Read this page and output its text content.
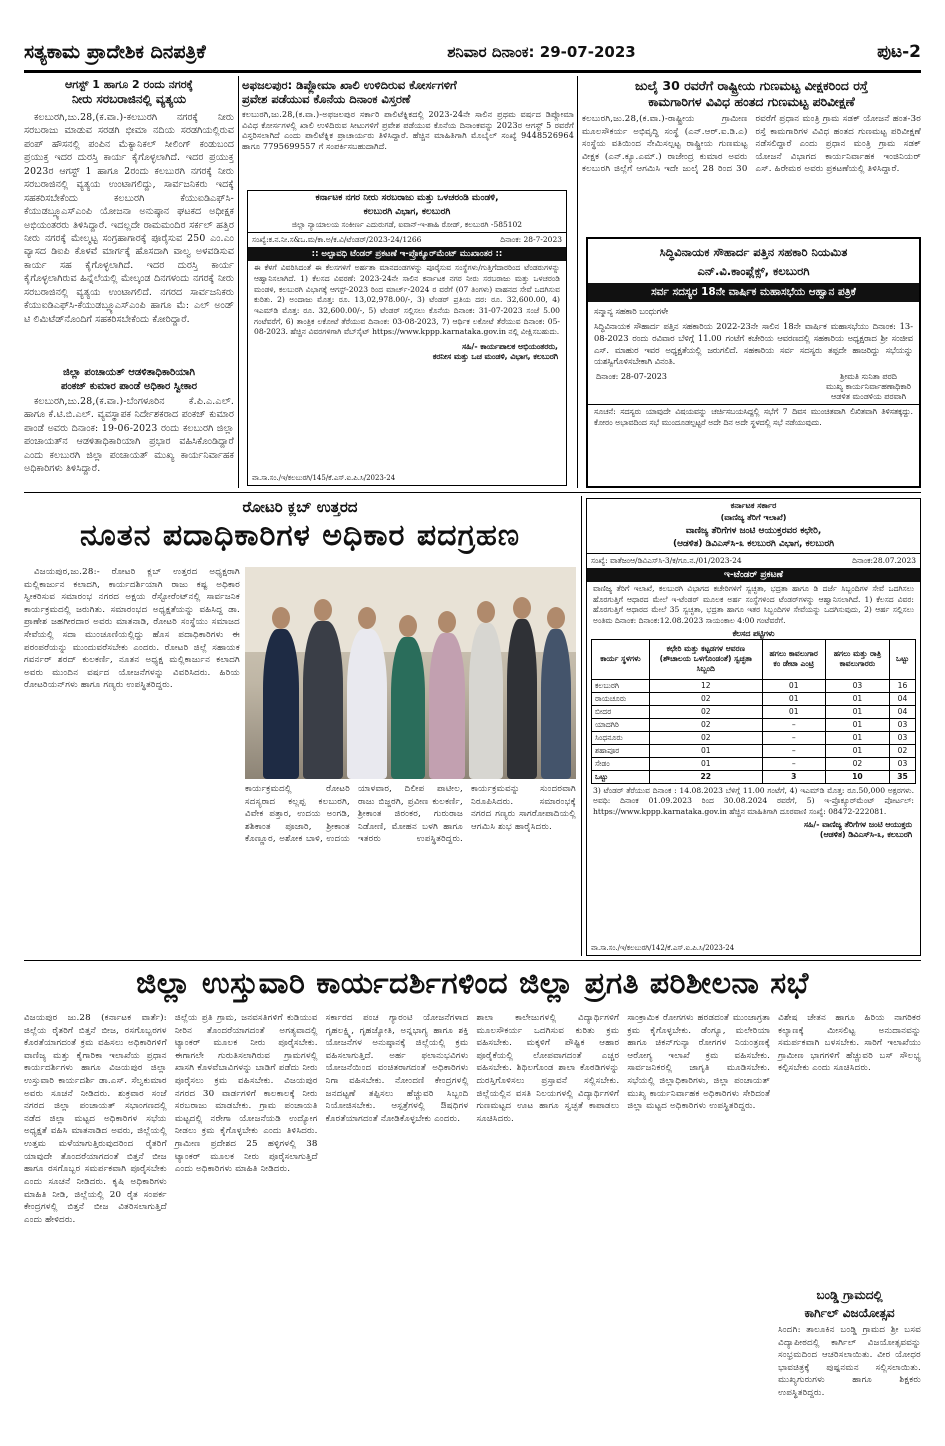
ಸತ್ಯಕಾಮ ಪ್ರಾದೇಶಿಕ ದಿನಪತ್ರಿಕೆ	ಶನಿವಾರ ದಿನಾಂಕ: 29-07-2023	ಪುಟ-2
ಆಗಸ್ಟ್ 1 ಹಾಗೂ 2 ರಂದು ನಗರಕ್ಕೆ
ನೀರು ಸರಬರಾಜಿನಲ್ಲಿ ವ್ಯತ್ಯಯ

ಕಲಬುರಗಿ,ಜು.28,(ಕ.ವಾ.)-ಕಲಬುರಗಿ ನಗರಕ್ಕೆ ನೀರು ಸರಬರಾಜು ಮಾಡುವ ಸರಡಗಿ ಭೀಮಾ ನದಿಯ ಸರಡಗಿಯಲ್ಲಿರುವ ಪಂಪ್ ಹೌಸನಲ್ಲಿ ಪಂಪಿನ ಮೆಕ್ಯಾನಿಕಲ್ ಸೀಲಿಂಗ್ ಕಂಡುಬಂದ ಪ್ರಯುಕ್ತ ಇದರ ದುರಸ್ತಿ ಕಾರ್ಯ ಕೈಗೊಳ್ಳಲಾಗಿದೆ. ಇದರ ಪ್ರಯುಕ್ತ 2023ರ ಆಗಸ್ಟ್ 1 ಹಾಗೂ 2ರಂದು ಕಲಬುರಗಿ ನಗರಕ್ಕೆ ನೀರು ಸರಬರಾಜಿನಲ್ಲಿ ವ್ಯತ್ಯಯ ಉಂಟಾಗಲಿದ್ದು, ಸಾರ್ವಜನಿಕರು ಇದಕ್ಕೆ ಸಹಕರಿಸಬೇಕೆಂದು ಕಲಬುರಗಿ ಕೆಯುಐಡಿಎಫ್‌ಸಿ-ಕೆಯುಡಬ್ಲ್ಯೂಎಸ್‌ಎಂಪಿ ಯೋಜನಾ ಅನುಷ್ಠಾನ ಘಟಕದ ಅಧೀಕ್ಷಕ ಅಭಿಯಂತರರು ತಿಳಿಸಿದ್ದಾರೆ. ಇದಲ್ಲದೇ ರಾಮಮಂದಿರ ಸರ್ಕಲ್ ಹತ್ತಿರ ನೀರು ನಗರಕ್ಕೆ ಮೇಲ್ಮಟ್ಟ ಸಂಗ್ರಹಾಗಾರಕ್ಕೆ ಪೂರೈಸುವ 250 ಎಂ.ಎಂ ವ್ಯಾಸದ ಡಿಐಪಿ ಕೊಳವೆ ಮಾರ್ಗಕ್ಕೆ ಹೊಸದಾಗಿ ವಾಲ್ವ ಅಳವಡಿಸುವ ಕಾರ್ಯ ಸಹ ಕೈಗೊಳ್ಳಲಾಗಿದೆ. ಇದರ ದುರಸ್ತಿ ಕಾರ್ಯ ಕೈಗೊಳ್ಳಲಾಗಿರುವ ಹಿನ್ನೆಲೆಯಲ್ಲಿ ಮೇಲ್ಕಂಡ ದಿನಗಳಂದು ನಗರಕ್ಕೆ ನೀರು ಸರಬರಾಜಿನಲ್ಲಿ ವ್ಯತ್ಯಯ ಉಂಟಾಗಲಿದೆ. ನಗರದ ಸಾರ್ವಜನಿಕರು ಕೆಯುಐಡಿಎಫ್‌ಸಿ-ಕೆಯುಡಬ್ಲ್ಯೂಎಸ್‌ಎಂಪಿ ಹಾಗೂ ಮೆ: ಎಲ್ ಅಂಡ್ ಟಿ ಲಿಮಿಟೆಡ್‌ನೊಂದಿಗೆ ಸಹಕರಿಸಬೇಕೆಂದು ಕೋರಿದ್ದಾರೆ.

ಜಿಲ್ಲಾ ಪಂಚಾಯತ್ ಆಡಳಿತಾಧಿಕಾರಿಯಾಗಿ
ಪಂಕಜ್ ಕುಮಾರ ಪಾಂಡೆ ಅಧಿಕಾರ ಸ್ವೀಕಾರ

ಕಲಬುರಗಿ,ಜು.28,(ಕ.ವಾ.)-ಬೆಂಗಳೂರಿನ ಕೆ.ಪಿ.ಎ.ಎಲ್. ಹಾಗೂ ಕೆ.ಟಿ.ಬಿ.ಎಲ್. ವ್ಯವಸ್ಥಾಪಕ ನಿರ್ದೇಶಕರಾದ ಪಂಕಜ್ ಕುಮಾರ ಪಾಂಡೆ ಅವರು ದಿನಾಂಕ: 19-06-2023 ರಂದು ಕಲಬುರಗಿ ಜಿಲ್ಲಾ ಪಂಚಾಯತ್‌ನ ಆಡಳಿತಾಧಿಕಾರಿಯಾಗಿ ಪ್ರಭಾರ ವಹಿಸಿಕೊಂಡಿದ್ದಾರೆ ಎಂದು ಕಲಬುರಗಿ ಜಿಲ್ಲಾ ಪಂಚಾಯತ್ ಮುಖ್ಯ ಕಾರ್ಯನಿರ್ವಾಹಕ ಅಧಿಕಾರಿಗಳು ತಿಳಿಸಿದ್ದಾರೆ.

ಅಫಜಲಪುರ: ಡಿಪ್ಲೋಮಾ ಖಾಲಿ ಉಳಿದಿರುವ ಕೋರ್ಸಗಳಿಗೆ
ಪ್ರವೇಶ ಪಡೆಯುವ ಕೊನೆಯ ದಿನಾಂಕ ವಿಸ್ತರಣೆ
ಕಲಬುರಗಿ,ಜು.28,(ಕ.ವಾ.)-ಅಫಜಲಪುರ ಸರ್ಕಾರಿ ಪಾಲಿಟೆಕ್ನಿಕದಲ್ಲಿ 2023-24ನೇ ಸಾಲಿನ ಪ್ರಥಮ ವರ್ಷದ ಡಿಪ್ಲೋಮಾ ವಿವಿಧ ಕೋರ್ಸಗಳಲ್ಲಿ ಖಾಲಿ ಉಳಿದಿರುವ ಸೀಟುಗಳಿಗೆ ಪ್ರವೇಶ ಪಡೆಯುವ ಕೊನೆಯ ದಿನಾಂಕವನ್ನು 2023ರ ಆಗಸ್ಟ್ 5 ರವರೆಗೆ ವಿಸ್ತರಿಸಲಾಗಿದೆ ಎಂದು ಪಾಲಿಟೆಕ್ನಿಕ ಪ್ರಾಚಾರ್ಯರು ತಿಳಿಸಿದ್ದಾರೆ. ಹೆಚ್ಚಿನ ಮಾಹಿತಿಗಾಗಿ ಮೊಬೈಲ್ ಸಂಖ್ಯೆ 9448526964 ಹಾಗೂ 7795699557 ಗೆ ಸಂಪರ್ಕಿಸಬಹುದಾಗಿದೆ.
ಕರ್ನಾಟಕ ನಗರ ನೀರು ಸರಬರಾಜು ಮತ್ತು ಒಳಚರಂಡಿ ಮಂಡಳಿ,
ಕಲಬುರಗಿ ವಿಭಾಗ, ಕಲಬುರಗಿ
ಜಿಲ್ಲಾ ನ್ಯಾಯಾಲಯ ಸಂಕೀರ್ಣ ಎದುರುಗಡೆ, ಐವಾನ್-ಇ-ಶಾಹಿ ರೋಡ್, ಕಲಬುರಗಿ -585102
ಸಂಖ್ಯೆ:ಕ.ನ.ನೀ.ಸ&ಒ.ಮ/ಕಾ.ಅ/ಕ.ವಿ/ಟೆಂಡರ್/2023-24/1266	ದಿನಾಂಕ: 28-7-2023
:: ಅಲ್ಪಾವಧಿ ಟೆಂಡರ್ ಪ್ರಕಟಣೆ ಇ-ಪ್ರೊಕ್ಯೂರ್‌ಮೆಂಟ್ ಮುಖಾಂತರ ::
ಈ ಕೆಳಗೆ ವಿವರಿಸಿದಂತೆ ಈ ಕೆಲಸಗಳಿಗೆ ಅರ್ಹತಾ ಮಾನದಂಡಗಳನ್ನು ಪೂರೈಸುವ ಸಂಸ್ಥೆಗಳು/ಗುತ್ತಿಗೆದಾರರಿಂದ ಟೆಂಡರುಗಳನ್ನು ಆಹ್ವಾನಿಸಲಾಗಿದೆ. 1) ಕೆಲಸದ ವಿವರಣೆ: 2023-24ನೇ ಸಾಲಿನ ಕರ್ನಾಟಕ ನಗರ ನೀರು ಸರಬರಾಜು ಮತ್ತು ಒಳಚರಂಡಿ ಮಂಡಳಿ, ಕಲಬುರಗಿ ವಿಭಾಗಕ್ಕೆ ಆಗಸ್ಟ್-2023 ರಿಂದ ಮಾರ್ಚ್-2024 ರ ವರೆಗೆ (07 ತಿಂಗಳು) ವಾಹನದ ಸೇವೆ ಒದಗಿಸುವ ಕುರಿತು. 2) ಅಂದಾಜು ಮೊತ್ತ: ರೂ. 13,02,978.00/-, 3) ಟೆಂಡರ್ ಪ್ರತಿಯ ದರ: ರೂ. 32,600.00, 4) ಇಎಮ್‌ಡಿ ಮೊತ್ತ: ರೂ. 32,600.00/-, 5) ಟೆಂಡರ್ ಸಲ್ಲಿಸಲು ಕೊನೆಯ ದಿನಾಂಕ: 31-07-2023 ಸಂಜೆ 5.00 ಗಂಟೆವರೆಗೆ, 6) ತಾಂತ್ರಿಕ ಲಕೋಟೆ ತೆರೆಯುವ ದಿನಾಂಕ: 03-08-2023, 7) ಆರ್ಥಿಕ ಲಕೋಟೆ ತೆರೆಯುವ ದಿನಾಂಕ: 05-08-2023. ಹೆಚ್ಚಿನ ವಿವರಗಳಿಗಾಗಿ ವೆಬ್‌ಸೈಟ್ https://www.kppp.karnataka.gov.in ನಲ್ಲಿ ವೀಕ್ಷಿಸಬಹುದು.
ಸಹಿ/- ಕಾರ್ಯಪಾಲಕ ಅಭಿಯಂತರರು,
ಕರನೀಸ ಮತ್ತು ಒಚ ಮಂಡಳಿ, ವಿಭಾಗ, ಕಲಬುರಗಿ
ವಾ.ಸಾ.ಸಂ./ಇ/ಕಲಬುರಗಿ/145/ಕೆ.ಎಸ್.ಐ.ಪಿ.ಸಿ/2023-24
ಜುಲೈ 30 ರವರೆಗೆ ರಾಷ್ಟ್ರೀಯ ಗುಣಮಟ್ಟ ವೀಕ್ಷಕರಿಂದ ರಸ್ತೆ
ಕಾಮಗಾರಿಗಳ ವಿವಿಧ ಹಂತದ ಗುಣಮಟ್ಟ ಪರಿವೀಕ್ಷಣೆ
ಕಲಬುರಗಿ,ಜು.28,(ಕ.ವಾ.)-ರಾಷ್ಟ್ರೀಯ ಗ್ರಾಮೀಣ ಮೂಲಸೌಕರ್ಯ ಅಭಿವೃದ್ಧಿ ಸಂಸ್ಥೆ (ಎನ್.ಆರ್.ಐ.ಡಿ.ಎ) ಸಂಸ್ಥೆಯ ವತಿಯಿಂದ ನೇಮಿಸಲ್ಪಟ್ಟ ರಾಷ್ಟ್ರೀಯ ಗುಣಮಟ್ಟ ವೀಕ್ಷಕ (ಎನ್.ಕ್ಯೂ.ಎಮ್.) ರಾಜೇಂದ್ರ ಕುಮಾರ ಅವರು ಕಲಬುರಗಿ ಜಿಲ್ಲೆಗೆ ಆಗಮಿಸಿ ಇದೇ ಜುಲೈ 28 ರಿಂದ 30 ರವರೆಗೆ ಪ್ರಧಾನ ಮಂತ್ರಿ ಗ್ರಾಮ ಸಡಕ್ ಯೋಜನೆ ಹಂತ-3ರ ರಸ್ತೆ ಕಾಮಗಾರಿಗಳ ವಿವಿಧ ಹಂತದ ಗುಣಮಟ್ಟ ಪರಿವೀಕ್ಷಣೆ ನಡೆಸಲಿದ್ದಾರೆ ಎಂದು ಪ್ರಧಾನ ಮಂತ್ರಿ ಗ್ರಾಮ ಸಡಕ್ ಯೋಜನೆ ವಿಭಾಗದ ಕಾರ್ಯನಿರ್ವಾಹಕ ಇಂಜಿನಿಯರ್ ಎಸ್. ಹಿರೇಮಠ ಅವರು ಪ್ರಕಟಣೆಯಲ್ಲಿ ತಿಳಿಸಿದ್ದಾರೆ.
ಸಿದ್ಧಿವಿನಾಯಕ ಸೌಹಾರ್ದ ಪತ್ತಿನ ಸಹಕಾರಿ ನಿಯಮಿತ
ಎನ್.ವಿ.ಕಾಂಪ್ಲೆಕ್ಸ್, ಕಲಬುರಗಿ
ಸರ್ವ ಸದಸ್ಯರ 18ನೇ ವಾರ್ಷಿಕ ಮಹಾಸಭೆಯ ಆಹ್ವಾನ ಪತ್ರಿಕೆ
ಸನ್ಮಾನ್ಯ ಸಹಕಾರಿ ಬಂಧುಗಳೇ
ಸಿದ್ಧಿವಿನಾಯಕ ಸೌಹಾರ್ದ ಪತ್ತಿನ ಸಹಕಾರಿಯ 2022-23ನೇ ಸಾಲಿನ 18ನೇ ವಾರ್ಷಿಕ ಮಹಾಸಭೆಯು ದಿನಾಂಕ: 13-08-2023 ರಂದು ರವಿವಾರ ಬೆಳಿಗ್ಗೆ 11.00 ಗಂಟೆಗೆ ಕಚೇರಿಯ ಆವರಣದಲ್ಲಿ ಸಹಕಾರಿಯ ಅಧ್ಯಕ್ಷರಾದ ಶ್ರೀ ಸಂಜೀವ ಎಸ್. ಮಾಹುರ ಇವರ ಅಧ್ಯಕ್ಷತೆಯಲ್ಲಿ ಜರುಗಲಿದೆ. ಸಹಕಾರಿಯ ಸರ್ವ ಸದಸ್ಯರು ತಪ್ಪದೇ ಹಾಜರಿದ್ದು ಸಭೆಯನ್ನು ಯಶಸ್ವಿಗೊಳಿಸಬೇಕಾಗಿ ವಿನಂತಿ.
ದಿನಾಂಕ: 28-07-2023	ಶ್ರೀಮತಿ ಸುನಿತಾ ಪರದಿ
ಮುಖ್ಯ ಕಾರ್ಯನಿರ್ವಾಹಣಾಧಿಕಾರಿ
ಆಡಳಿತ ಮಂಡಳಿಯ ಪರವಾಗಿ
ಸೂಚನೆ: ಸದಸ್ಯರು ಯಾವುದೇ ವಿಷಯವನ್ನು ಚರ್ಚಿಸಬಯಸಿದ್ದಲ್ಲಿ ಸಭೆಗೆ 7 ದಿವಸ ಮುಂಚಿತವಾಗಿ ಲಿಖಿತವಾಗಿ ತಿಳಿಸತಕ್ಕದ್ದು. ಕೋರಂ ಅಭಾವದಿಂದ ಸಭೆ ಮುಂದೂಡಲ್ಪಟ್ಟರೆ ಅದೇ ದಿನ ಅದೇ ಸ್ಥಳದಲ್ಲಿ ಸಭೆ ನಡೆಯುವುದು.
ರೋಟರಿ ಕ್ಲಬ್ ಉತ್ತರದ
ನೂತನ ಪದಾಧಿಕಾರಿಗಳ ಅಧಿಕಾರ ಪದಗ್ರಹಣ

ವಿಜಯಪುರ,ಜು.28:- ರೋಟರಿ ಕ್ಲಬ್ ಉತ್ತರದ ಅಧ್ಯಕ್ಷರಾಗಿ ಮಲ್ಲಿಕಾರ್ಜುನ ಕಲಾದಗಿ, ಕಾರ್ಯದರ್ಶಿಯಾಗಿ ರಾಜು ಕಷ್ಟ ಅಧಿಕಾರ ಸ್ವೀಕರಿಸುವ ಸಮಾರಂಭ ನಗರದ ಅಕ್ಷಯ ರೆಸ್ಟೋರೆಂಟ್‌ನಲ್ಲಿ ಸಾರ್ವಜನಿಕ ಕಾರ್ಯಕ್ರಮದಲ್ಲಿ ಜರುಗಿತು. ಸಮಾರಂಭದ ಅಧ್ಯಕ್ಷತೆಯನ್ನು ವಹಿಸಿದ್ದ ಡಾ. ಪ್ರಾಣೇಶ ಜಹಗೀರದಾರ ಅವರು ಮಾತನಾಡಿ, ರೋಟರಿ ಸಂಸ್ಥೆಯು ಸಮಾಜದ ಸೇವೆಯಲ್ಲಿ ಸದಾ ಮುಂಚೂಣಿಯಲ್ಲಿದ್ದು ಹೊಸ ಪದಾಧಿಕಾರಿಗಳು ಈ ಪರಂಪರೆಯನ್ನು ಮುಂದುವರೆಸಬೇಕು ಎಂದರು. ರೋಟರಿ ಜಿಲ್ಲೆ ಸಹಾಯಕ ಗವರ್ನರ್ ಶರದ್ ಕುಲಕರ್ಣಿ, ನೂತನ ಅಧ್ಯಕ್ಷ ಮಲ್ಲಿಕಾರ್ಜುನ ಕಲಾದಗಿ ಅವರು ಮುಂದಿನ ವರ್ಷದ ಯೋಜನೆಗಳನ್ನು ವಿವರಿಸಿದರು. ಹಿರಿಯ ರೋಟರಿಯನ್‌ಗಳು ಹಾಗೂ ಗಣ್ಯರು ಉಪಸ್ಥಿತರಿದ್ದರು.

ಕಾರ್ಯಕ್ರಮದಲ್ಲಿ ರೋಟರಿ ಸದಸ್ಯರಾದ ಕಲ್ಲಪ್ಪ ಕಲಬುರಗಿ, ವಿವೇಕ ಪತ್ತಾರ, ಉದಯ ಅಂಗಡಿ, ಶಶಿಕಾಂತ ಪೂಜಾರಿ, ಶ್ರೀಕಾಂತ ಕೊಣ್ಣೂರ, ಅಶೋಕ ಬಾಳಿ, ಉದಯ ಯಾಳವಾರ, ದಿಲೀಪ ಪಾಟೀಲ, ರಾಜು ಬಿಜ್ಜರಗಿ, ಪ್ರವೀಣ ಕುಲಕರ್ಣಿ, ಶ್ರೀಕಾಂತ ಜಿರಂಕರ, ಗುರುರಾಜ ನಿಡೋಣಿ, ಮೋಹನ ಬಳಗಿ ಹಾಗೂ ಇತರರು ಉಪಸ್ಥಿತರಿದ್ದರು. ಕಾರ್ಯಕ್ರಮವನ್ನು ಸುಂದರವಾಗಿ ನಿರೂಪಿಸಿದರು. ಸಮಾರಂಭಕ್ಕೆ ನಗರದ ಗಣ್ಯರು ಸಾಗರೋಪಾದಿಯಲ್ಲಿ ಆಗಮಿಸಿ ಶುಭ ಹಾರೈಸಿದರು.
ಕರ್ನಾಟಕ ಸರ್ಕಾರ
(ವಾಣಿಜ್ಯ ತೆರಿಗೆ ಇಲಾಖೆ)
ವಾಣಿಜ್ಯ ತೆರಿಗೆಗಳ ಜಂಟಿ ಆಯುಕ್ತರವರ ಕಛೇರಿ,
(ಆಡಳಿತ) ಡಿವಿಎಸ್‌ಸಿ-೩ ಕಲಬುರಗಿ ವಿಭಾಗ, ಕಲಬುರಗಿ
ಸಂಖ್ಯೆ: ವಾತೆಜಂಆ/ಡಿವಿಎಸ್‌ಸಿ-3/ಕ/ಗೂ.ನ./01/2023-24	ದಿನಾಂಕ:28.07.2023
ಇ-ಟೆಂಡರ್ ಪ್ರಕಟಣೆ
ವಾಣಿಜ್ಯ ತೆರಿಗೆ ಇಲಾಖೆ, ಕಲಬುರಗಿ ವಿಭಾಗದ ಕಚೇರಿಗಳಿಗೆ ಸ್ವಚ್ಛತಾ, ಭದ್ರತಾ ಹಾಗೂ ಡಿ ದರ್ಜೆ ಸಿಬ್ಬಂದಿಗಳ ಸೇವೆ ಒದಗಿಸಲು ಹೊರಗುತ್ತಿಗೆ ಆಧಾರದ ಮೇಲೆ ಇ-ಟೆಂಡರ್ ಮೂಲಕ ಅರ್ಹ ಸಂಸ್ಥೆಗಳಿಂದ ಟೆಂಡರ್‌ಗಳನ್ನು ಆಹ್ವಾನಿಸಲಾಗಿದೆ. 1) ಕೆಲಸದ ವಿವರ: ಹೊರಗುತ್ತಿಗೆ ಆಧಾರದ ಮೇಲೆ 35 ಸ್ವಚ್ಛತಾ, ಭದ್ರತಾ ಹಾಗೂ ಇತರ ಸಿಬ್ಬಂದಿಗಳ ಸೇವೆಯನ್ನು ಒದಗಿಸುವುದು, 2) ಆರ್ಹ ಸಲ್ಲಿಸಲು ಅಂತಿಮ ದಿನಾಂಕ: ದಿನಾಂಕ:12.08.2023 ಸಾಯಂಕಾಲ 4:00 ಗಂಟೆವರೆಗೆ.
ಕೆಲಸದ ಪಟ್ಟಿಗಳು
ಕಾರ್ಯ ಸ್ಥಳಗಳು	ಕಛೇರಿ ಮತ್ತು ಕಟ್ಟಡಗಳ ಆವರಣ (ಶೌಚಾಲಯ ಒಳಗೊಂಡಂತೆ) ಸ್ವಚ್ಛತಾ ಸಿಬ್ಬಂದಿ	ಹಗಲು ಕಾವಲುಗಾರ ಕಂ ಡೇಟಾ ಎಂಟ್ರಿ	ಹಗಲು ಮತ್ತು ರಾತ್ರಿ ಕಾವಲುಗಾರರು	ಒಟ್ಟು
ಕಲಬುರಗಿ	12	01	03	16
ರಾಯಚೂರು	02	01	01	04
ಬೀದರ	02	01	01	04
ಯಾದಗಿರಿ	02	–	01	03
ಸಿಂಧನೂರು	02	–	01	03
ಶಹಾಪೂರ	01	–	01	02
ಸೇಡಂ	01	–	02	03
ಒಟ್ಟು	22	3	10	35
3) ಟೆಂಡರ್ ತೆರೆಯುವ ದಿನಾಂಕ : 14.08.2023 ಬೆಳಿಗ್ಗೆ 11.00 ಗಂಟೆಗೆ, 4) ಇಎಮ್‌ಡಿ ಮೊತ್ತ: ರೂ.50,000 ಅಕ್ಷರಗಳು. ಅವಧಿ: ದಿನಾಂಕ 01.09.2023 ರಿಂದ 30.08.2024 ರವರೆಗೆ, 5) ಇ-ಪ್ರೊಕ್ಯೂರ್‌ಮೆಂಟ್ ಪೋರ್ಟಲ್: https://www.kppp.karnataka.gov.in ಹೆಚ್ಚಿನ ಮಾಹಿತಿಗಾಗಿ ದೂರವಾಣಿ ಸಂಖ್ಯೆ: 08472-222081.
ಸಹಿ/- ವಾಣಿಜ್ಯ ತೆರಿಗೆಗಳ ಜಂಟಿ ಆಯುಕ್ತರು
(ಆಡಳಿತ) ಡಿವಿಎಸ್‌ಸಿ-೩, ಕಲಬುರಗಿ
ವಾ.ಸಾ.ಸಂ./ಇ/ಕಲಬುರಗಿ/142/ಕೆ.ಎಸ್.ಐ.ಪಿ.ಸಿ/2023-24
ಜಿಲ್ಲಾ ಉಸ್ತುವಾರಿ ಕಾರ್ಯದರ್ಶಿಗಳಿಂದ ಜಿಲ್ಲಾ ಪ್ರಗತಿ ಪರಿಶೀಲನಾ ಸಭೆ
ವಿಜಯಪುರ ಜು.28 (ಕರ್ನಾಟಕ ವಾರ್ತೆ): ಜಿಲ್ಲೆಯ ರೈತರಿಗೆ ಬಿತ್ತನೆ ಬೀಜ, ರಸಗೊಬ್ಬರಗಳ ಕೊರತೆಯಾಗದಂತೆ ಕ್ರಮ ವಹಿಸಲು ಅಧಿಕಾರಿಗಳಿಗೆ ವಾಣಿಜ್ಯ ಮತ್ತು ಕೈಗಾರಿಕಾ ಇಲಾಖೆಯ ಪ್ರಧಾನ ಕಾರ್ಯದರ್ಶಿಗಳು ಹಾಗೂ ವಿಜಯಪುರ ಜಿಲ್ಲಾ ಉಸ್ತುವಾರಿ ಕಾರ್ಯದರ್ಶಿ ಡಾ.ಎಸ್. ಸೆಲ್ವಕುಮಾರ ಅವರು ಸೂಚನೆ ನೀಡಿದರು. ಶುಕ್ರವಾರ ಸಂಜೆ ನಗರದ ಜಿಲ್ಲಾ ಪಂಚಾಯತ್ ಸಭಾಂಗಣದಲ್ಲಿ ನಡೆದ ಜಿಲ್ಲಾ ಮಟ್ಟದ ಅಧಿಕಾರಿಗಳ ಸಭೆಯ ಅಧ್ಯಕ್ಷತೆ ವಹಿಸಿ ಮಾತನಾಡಿದ ಅವರು, ಜಿಲ್ಲೆಯಲ್ಲಿ ಉತ್ತಮ ಮಳೆಯಾಗುತ್ತಿರುವುದರಿಂದ ರೈತರಿಗೆ ಯಾವುದೇ ತೊಂದರೆಯಾಗದಂತೆ ಬಿತ್ತನೆ ಬೀಜ ಹಾಗೂ ರಸಗೊಬ್ಬರ ಸಮರ್ಪಕವಾಗಿ ಪೂರೈಸಬೇಕು ಎಂದು ಸೂಚನೆ ನೀಡಿದರು. ಕೃಷಿ ಅಧಿಕಾರಿಗಳು ಮಾಹಿತಿ ನೀಡಿ, ಜಿಲ್ಲೆಯಲ್ಲಿ 20 ರೈತ ಸಂಪರ್ಕ ಕೇಂದ್ರಗಳಲ್ಲಿ ಬಿತ್ತನೆ ಬೀಜ ವಿತರಿಸಲಾಗುತ್ತಿದೆ ಎಂದು ಹೇಳಿದರು.
ಜಿಲ್ಲೆಯ ಪ್ರತಿ ಗ್ರಾಮ, ಜನವಸತಿಗಳಿಗೆ ಕುಡಿಯುವ ನೀರಿನ ತೊಂದರೆಯಾಗದಂತೆ ಅಗತ್ಯವಾದಲ್ಲಿ ಟ್ಯಾಂಕರ್ ಮೂಲಕ ನೀರು ಪೂರೈಸಬೇಕು. ಈಗಾಗಲೇ ಗುರುತಿಸಲಾಗಿರುವ ಗ್ರಾಮಗಳಲ್ಲಿ ಖಾಸಗಿ ಕೊಳವೆಬಾವಿಗಳನ್ನು ಬಾಡಿಗೆ ಪಡೆದು ನೀರು ಪೂರೈಸಲು ಕ್ರಮ ವಹಿಸಬೇಕು. ವಿಜಯಪುರ ನಗರದ 30 ವಾರ್ಡಗಳಿಗೆ ಕಾಲಕಾಲಕ್ಕೆ ನೀರು ಸರಬರಾಜು ಮಾಡಬೇಕು. ಗ್ರಾಮ ಪಂಚಾಯತಿ ಮಟ್ಟದಲ್ಲಿ ನರೇಗಾ ಯೋಜನೆಯಡಿ ಉದ್ಯೋಗ ನೀಡಲು ಕ್ರಮ ಕೈಗೊಳ್ಳಬೇಕು ಎಂದು ತಿಳಿಸಿದರು. ಗ್ರಾಮೀಣ ಪ್ರದೇಶದ 25 ಹಳ್ಳಿಗಳಲ್ಲಿ 38 ಟ್ಯಾಂಕರ್ ಮೂಲಕ ನೀರು ಪೂರೈಸಲಾಗುತ್ತಿದೆ ಎಂದು ಅಧಿಕಾರಿಗಳು ಮಾಹಿತಿ ನೀಡಿದರು.
ಸರ್ಕಾರದ ಪಂಚ ಗ್ಯಾರಂಟಿ ಯೋಜನೆಗಳಾದ ಗೃಹಲಕ್ಷ್ಮಿ, ಗೃಹಜ್ಯೋತಿ, ಅನ್ನಭಾಗ್ಯ ಹಾಗೂ ಶಕ್ತಿ ಯೋಜನೆಗಳ ಅನುಷ್ಠಾನಕ್ಕೆ ಜಿಲ್ಲೆಯಲ್ಲಿ ಕ್ರಮ ವಹಿಸಲಾಗುತ್ತಿದೆ. ಅರ್ಹ ಫಲಾನುಭವಿಗಳು ಯೋಜನೆಯಿಂದ ವಂಚಿತರಾಗದಂತೆ ಅಧಿಕಾರಿಗಳು ನಿಗಾ ವಹಿಸಬೇಕು. ನೋಂದಣಿ ಕೇಂದ್ರಗಳಲ್ಲಿ ಜನದಟ್ಟಣೆ ತಪ್ಪಿಸಲು ಹೆಚ್ಚುವರಿ ಸಿಬ್ಬಂದಿ ನಿಯೋಜಿಸಬೇಕು. ಆಸ್ಪತ್ರೆಗಳಲ್ಲಿ ಔಷಧಿಗಳ ಕೊರತೆಯಾಗದಂತೆ ನೋಡಿಕೊಳ್ಳಬೇಕು ಎಂದರು.
ಶಾಲಾ ಕಾಲೇಜುಗಳಲ್ಲಿ ವಿದ್ಯಾರ್ಥಿಗಳಿಗೆ ಮೂಲಸೌಕರ್ಯ ಒದಗಿಸುವ ಕುರಿತು ಕ್ರಮ ವಹಿಸಬೇಕು. ಮಕ್ಕಳಿಗೆ ಪೌಷ್ಟಿಕ ಆಹಾರ ಪೂರೈಕೆಯಲ್ಲಿ ಲೋಪವಾಗದಂತೆ ಎಚ್ಚರ ವಹಿಸಬೇಕು. ಶಿಥಿಲಗೊಂಡ ಶಾಲಾ ಕೊಠಡಿಗಳನ್ನು ದುರಸ್ತಿಗೊಳಿಸಲು ಪ್ರಸ್ತಾವನೆ ಸಲ್ಲಿಸಬೇಕು. ಜಿಲ್ಲೆಯಲ್ಲಿನ ವಸತಿ ನಿಲಯಗಳಲ್ಲಿ ವಿದ್ಯಾರ್ಥಿಗಳಿಗೆ ಗುಣಮಟ್ಟದ ಊಟ ಹಾಗೂ ಸ್ವಚ್ಛತೆ ಕಾಪಾಡಲು ಸೂಚಿಸಿದರು.
ಸಾಂಕ್ರಾಮಿಕ ರೋಗಗಳು ಹರಡದಂತೆ ಮುಂಜಾಗ್ರತಾ ಕ್ರಮ ಕೈಗೊಳ್ಳಬೇಕು. ಡೆಂಗ್ಯೂ, ಮಲೇರಿಯಾ ಹಾಗೂ ಚಿಕನ್‌ಗುನ್ಯಾ ರೋಗಗಳ ನಿಯಂತ್ರಣಕ್ಕೆ ಆರೋಗ್ಯ ಇಲಾಖೆ ಕ್ರಮ ವಹಿಸಬೇಕು. ಸಾರ್ವಜನಿಕರಲ್ಲಿ ಜಾಗೃತಿ ಮೂಡಿಸಬೇಕು. ಸಭೆಯಲ್ಲಿ ಜಿಲ್ಲಾಧಿಕಾರಿಗಳು, ಜಿಲ್ಲಾ ಪಂಚಾಯತ್ ಮುಖ್ಯ ಕಾರ್ಯನಿರ್ವಾಹಕ ಅಧಿಕಾರಿಗಳು ಸೇರಿದಂತೆ ಜಿಲ್ಲಾ ಮಟ್ಟದ ಅಧಿಕಾರಿಗಳು ಉಪಸ್ಥಿತರಿದ್ದರು.
ವಿಶೇಷ ಚೇತನ ಹಾಗೂ ಹಿರಿಯ ನಾಗರಿಕರ ಕಲ್ಯಾಣಕ್ಕೆ ಮೀಸಲಿಟ್ಟ ಅನುದಾನವನ್ನು ಸಮರ್ಪಕವಾಗಿ ಬಳಸಬೇಕು. ಸಾರಿಗೆ ಇಲಾಖೆಯು ಗ್ರಾಮೀಣ ಭಾಗಗಳಿಗೆ ಹೆಚ್ಚುವರಿ ಬಸ್ ಸೌಲಭ್ಯ ಕಲ್ಪಿಸಬೇಕು ಎಂದು ಸೂಚಿಸಿದರು.
ಬಂಡ್ಡಿ ಗ್ರಾಮದಲ್ಲಿ
ಕಾರ್ಗಿಲ್ ವಿಜಯೋತ್ಸವ
ಸಿಂದಗಿ: ತಾಲೂಕಿನ ಬಂಡ್ಡಿ ಗ್ರಾಮದ ಶ್ರೀ ಬಸವ ವಿದ್ಯಾಪೀಠದಲ್ಲಿ ಕಾರ್ಗಿಲ್ ವಿಜಯೋತ್ಸವವನ್ನು ಸಂಭ್ರಮದಿಂದ ಆಚರಿಸಲಾಯಿತು. ವೀರ ಯೋಧರ ಭಾವಚಿತ್ರಕ್ಕೆ ಪುಷ್ಪನಮನ ಸಲ್ಲಿಸಲಾಯಿತು. ಮುಖ್ಯಗುರುಗಳು ಹಾಗೂ ಶಿಕ್ಷಕರು ಉಪಸ್ಥಿತರಿದ್ದರು.
